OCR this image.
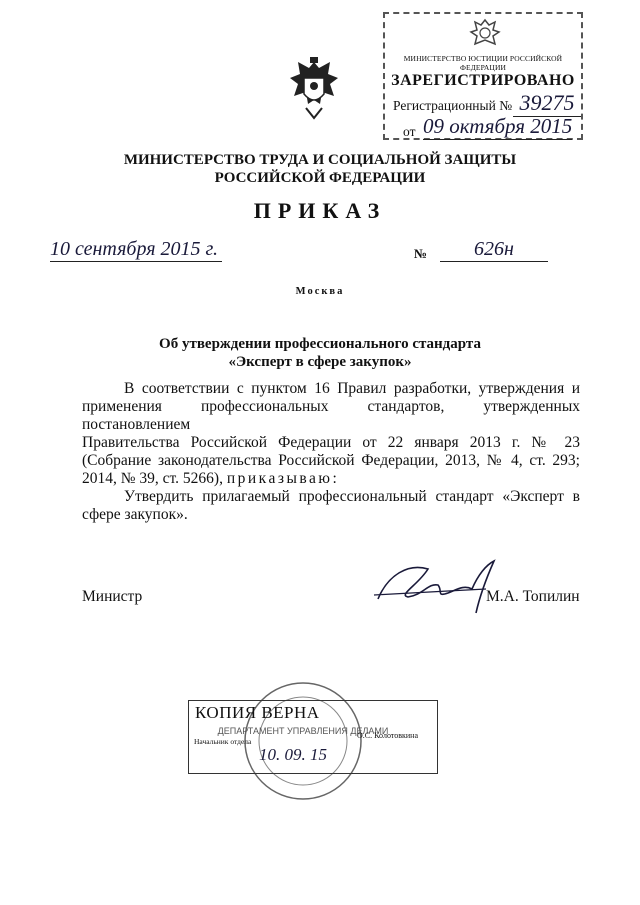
МИНИСТЕРСТВО ЮСТИЦИИ РОССИЙСКОЙ ФЕДЕРАЦИИ
ЗАРЕГИСТРИРОВАНО
Регистрационный № 39275
от 09 октября 2015
МИНИСТЕРСТВО ТРУДА И СОЦИАЛЬНОЙ ЗАЩИТЫ
РОССИЙСКОЙ ФЕДЕРАЦИИ
ПРИКАЗ
10 сентября 2015 г.	№	626н
Москва
Об утверждении профессионального стандарта
«Эксперт в сфере закупок»
В соответствии с пунктом 16 Правил разработки, утверждения и
применения профессиональных стандартов, утвержденных постановлением
Правительства Российской Федерации от 22 января 2013 г. № 23
(Собрание законодательства Российской Федерации, 2013, № 4, ст. 293;
2014, № 39, ст. 5266), приказываю:
Утвердить прилагаемый профессиональный стандарт «Эксперт в
сфере закупок».
Министр	М.А. Топилин
ДЕПАРТАМЕНТ УПРАВЛЕНИЯ ДЕЛАМИ
КОПИЯ ВЕРНА
Начальник отдела
О.С. Колотовкина
10. 09. 15
